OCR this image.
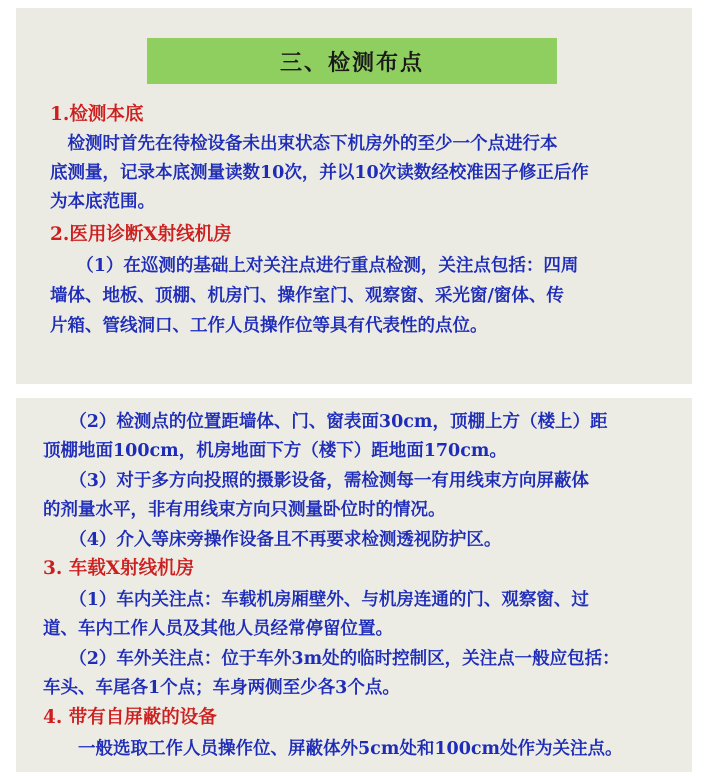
三、检测布点
1.检测本底
　检测时首先在待检设备未出束状态下机房外的至少一个点进行本
底测量，记录本底测量读数10次，并以10次读数经校准因子修正后作
为本底范围。
2.医用诊断X射线机房
　　（1）在巡测的基础上对关注点进行重点检测，关注点包括：四周
墙体、地板、顶棚、机房门、操作室门、观察窗、采光窗/窗体、传
片箱、管线洞口、工作人员操作位等具有代表性的点位。
　　（2）检测点的位置距墙体、门、窗表面30cm，顶棚上方（楼上）距
顶棚地面100cm，机房地面下方（楼下）距地面170cm。
　　（3）对于多方向投照的摄影设备，需检测每一有用线束方向屏蔽体
的剂量水平，非有用线束方向只测量卧位时的情况。
　　（4）介入等床旁操作设备且不再要求检测透视防护区。
3. 车载X射线机房
　　（1）车内关注点：车载机房厢壁外、与机房连通的门、观察窗、过
道、车内工作人员及其他人员经常停留位置。
　　（2）车外关注点：位于车外3m处的临时控制区，关注点一般应包括：
车头、车尾各1个点；车身两侧至少各3个点。
4. 带有自屏蔽的设备
　　一般选取工作人员操作位、屏蔽体外5cm处和100cm处作为关注点。
